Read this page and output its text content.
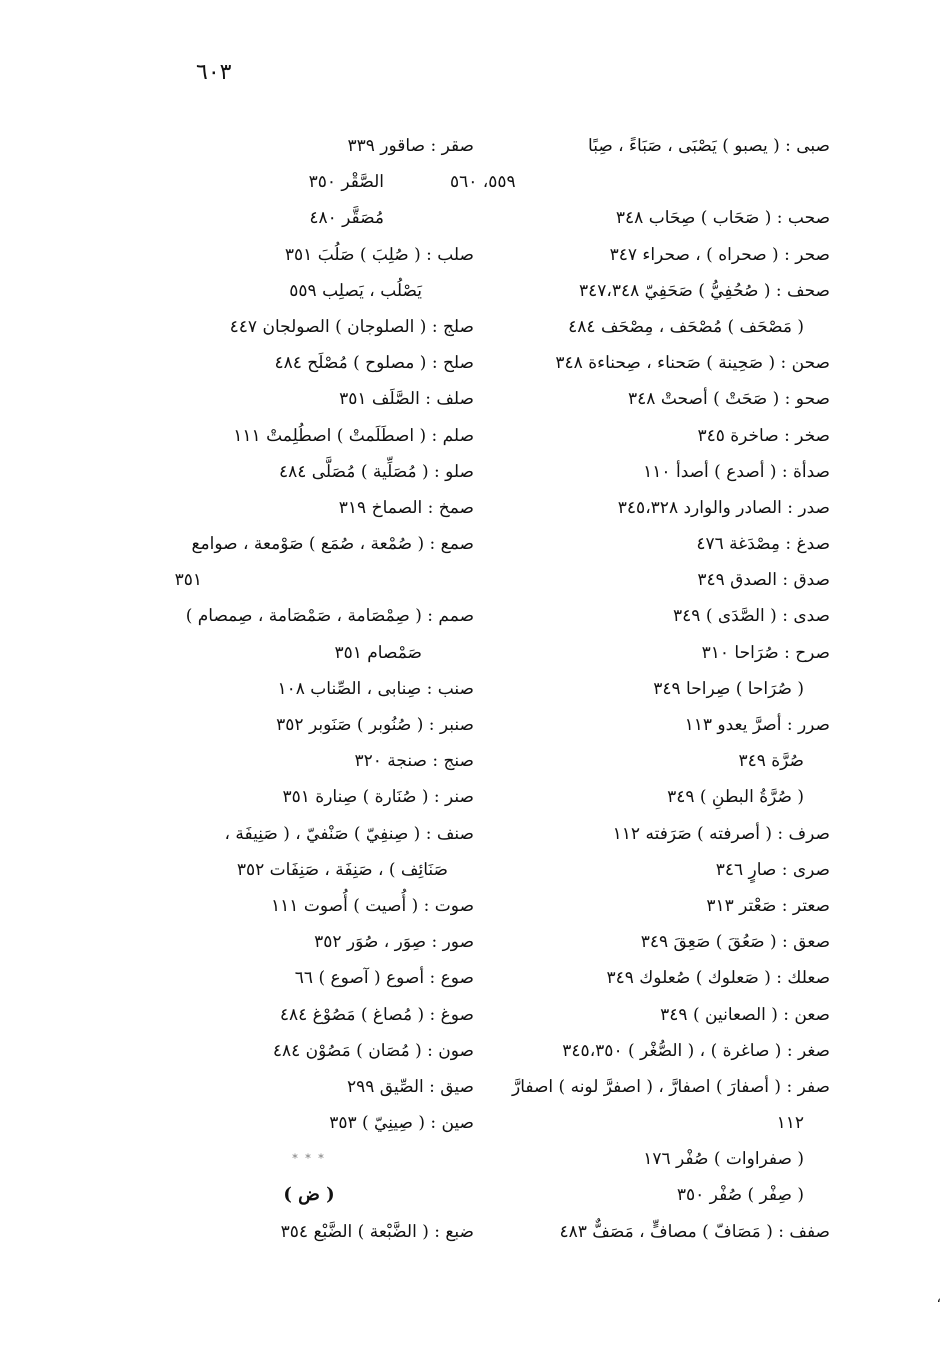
٦٠٣
صبى : ( يصبو ) يَصْبَى ، صَبَاءً ، صِبًا
٥٥٩، ٥٦٠
صحب : ( صَحَاب ) صِحَاب ٣٤٨
صحر : ( صحراه ) ، صحراء ٣٤٧
صحف : ( صُحُفِيُّ ) صَحَفِيّ ٣٤٧،٣٤٨
( مَصْحَف ) مُصْحَف ، مِصْحَف ٤٨٤
صحن : ( صَحِينة ) صَحناء ، صِحناءة ٣٤٨
صحو : ( صَحَتْ ) أصحتْ ٣٤٨
صخر : صاخرة ٣٤٥
صدأة : ( أصدع ) أصدأ ١١٠
صدر : الصادر والوارد ٣٤٥،٣٢٨
صدغ : مِصْدَغة ٤٧٦
صدق : الصدق ٣٤٩
صدى : ( الصَّدَى ) ٣٤٩
صرح : صُرَاحا ٣١٠
( صُرَاحا ) صِراحا ٣٤٩
صرر : أصرَّ يعدو ١١٣
صُرَّة ٣٤٩
( صُرَّةُ البطنِ ) ٣٤٩
صرف : ( أصرفته ) صَرَفته ١١٢
صرى : صارٍ ٣٤٦
صعتر : صَعْتر ٣١٣
صعق : ( صَعُقَ ) صَعِقَ ٣٤٩
صعلك : ( صَعلوك ) صُعلوك ٣٤٩
صعن : ( الصعانين ) ٣٤٩
صغر : ( صاغرة ) ، ( الصُّغْر ) ٣٤٥،٣٥٠
صفر : ( أصفارَ ) اصفارَّ ، ( اصفرَّ لونه ) اصفارَّ
١١٢
( صفراوات ) صُفْر ١٧٦
( صِفْر ) صُفْر ٣٥٠
صفف : ( مَصَافّ ) مصافٍّ ، مَصَفٌّ ٤٨٣
صقر : صاقور ٣٣٩
الصَّقْر ٣٥٠
مُصَقَّر ٤٨٠
صلب : ( صُلِبَ ) صَلُبَ ٣٥١
يَصْلُب ، يَصلِب ٥٥٩
صلج : ( الصلوجان ) الصولجان ٤٤٧
صلح : ( مصلوح ) مُصْلَح ٤٨٤
صلف : الصَّلَف ٣٥١
صلم : ( اصطَلَمتْ ) اصطُلِمتْ ١١١
صلو : ( مُصَلِّية ) مُصَلَّى ٤٨٤
صمخ : الصماخ ٣١٩
صمع : ( صُمْعة ، صُمَع ) صَوْمعة ، صوامع
٣٥١
صمم : ( صِمْصَامة ، صَمْصَامة ، صِمصام )
صَمْصام ٣٥١
صنب : صِنابى ، الصِّناب ١٠٨
صنبر : ( صُنُوبر ) صَنَوبر ٣٥٢
صنج : صنجة ٣٢٠
صنر : ( صُنَارة ) صِنارة ٣٥١
صنف : ( صِنفِيّ ) صَنْفيّ ، ( صَنِيفَة ،
صَنَائِف ) ، صَنِفَة ، صَنِفَات ٣٥٢
صوت : ( أُصيت ) أُصوت ١١١
صور : صِوَر ، صُوَر ٣٥٢
صوع : أصوع ( آصوع ) ٦٦
صوغ : ( مُصاغ ) مَصُوْغ ٤٨٤
صون : ( مُصَان ) مَصُوْن ٤٨٤
صيق : الصِّيق ٢٩٩
صين : ( صِينِيّ ) ٣٥٣
* * *
( ض )
ضبع : ( الضَّبْعة ) الضَّبْع ٣٥٤
،
